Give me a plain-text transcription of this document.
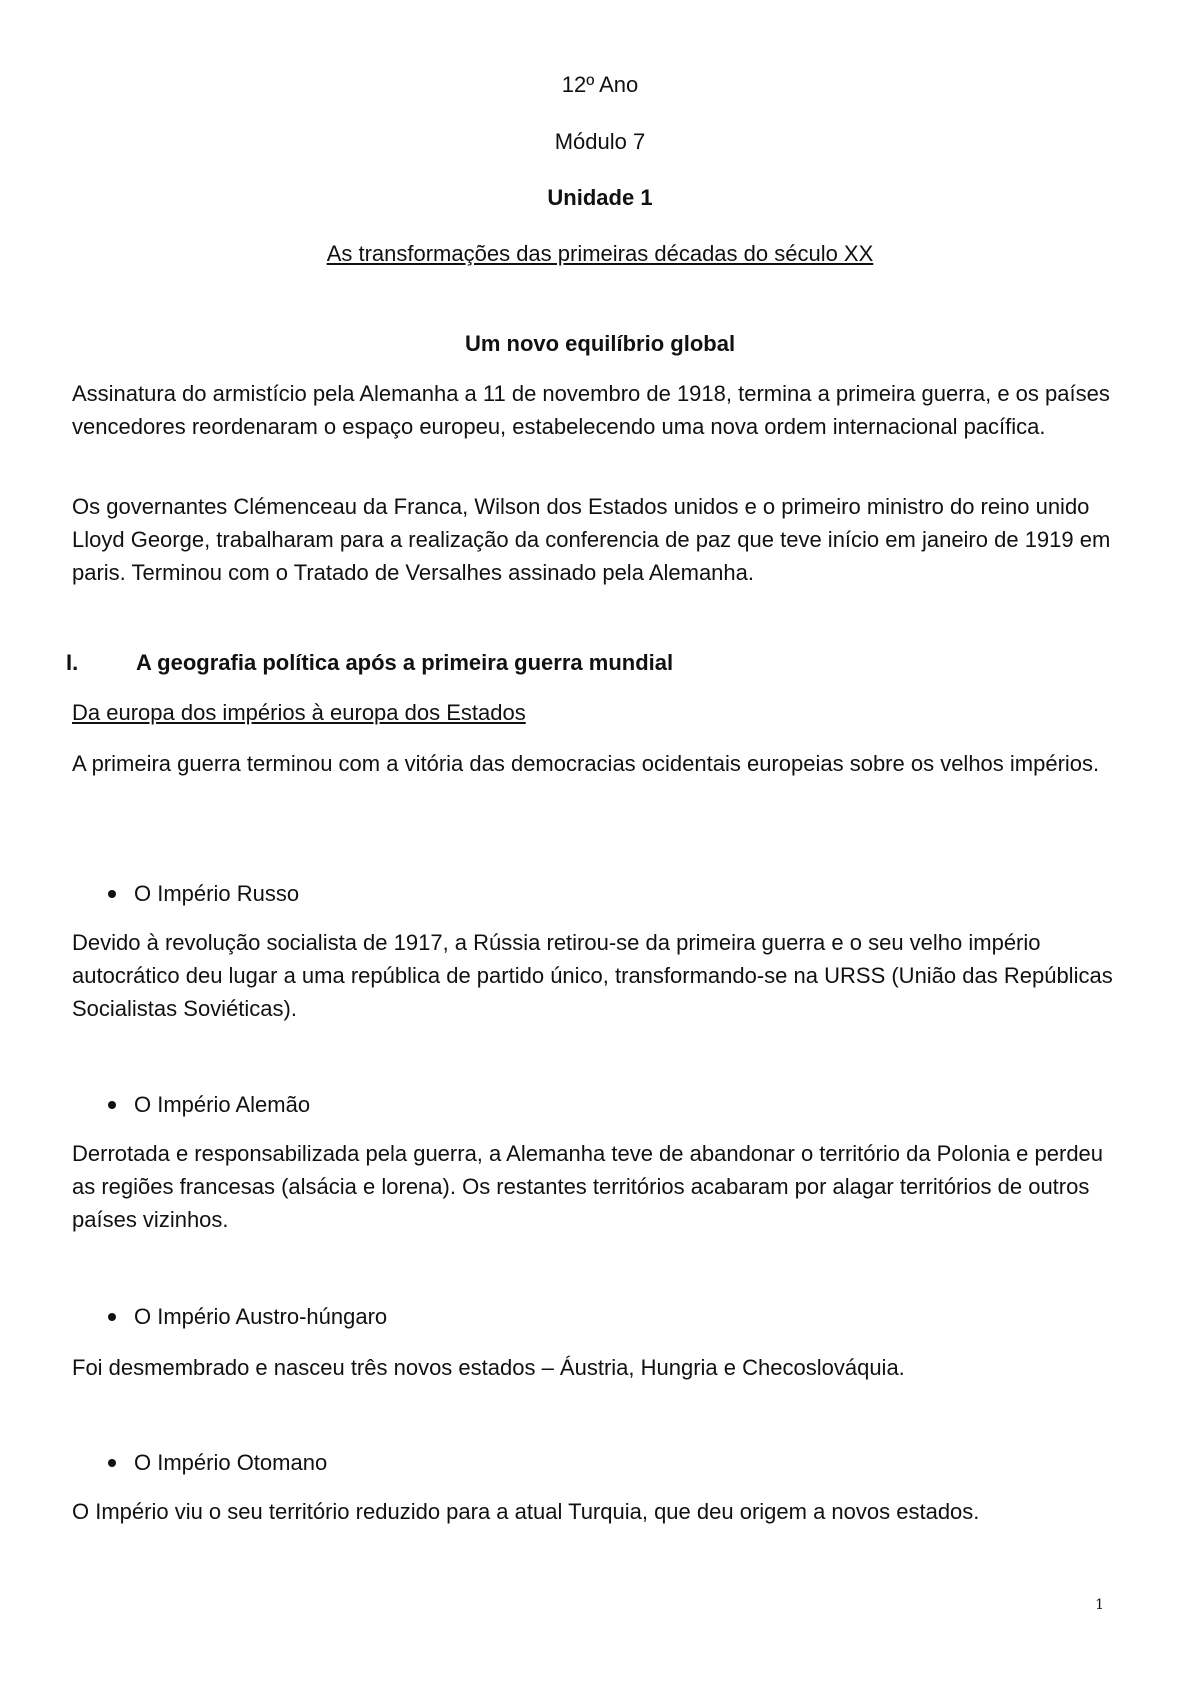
12º Ano

Módulo 7

Unidade 1

As transformações das primeiras décadas do século XX

Um novo equilíbrio global

Assinatura do armistício pela Alemanha a 11 de novembro de 1918, termina a primeira guerra, e os países vencedores reordenaram o espaço europeu, estabelecendo uma nova ordem internacional pacífica.

Os governantes Clémenceau da Franca, Wilson dos Estados unidos e o primeiro ministro do reino unido Lloyd George, trabalharam para a realização da conferencia de paz que teve início em janeiro de 1919 em paris. Terminou com o Tratado de Versalhes assinado pela Alemanha.

I.	A geografia política após a primeira guerra mundial

Da europa dos impérios à europa dos Estados

A primeira guerra terminou com a vitória das democracias ocidentais europeias sobre os velhos impérios.

O Império Russo

Devido à revolução socialista de 1917, a Rússia retirou-se da primeira guerra e o seu velho império autocrático deu lugar a uma república de partido único, transformando-se na URSS (União das Repúblicas Socialistas Soviéticas).

O Império Alemão

Derrotada e responsabilizada pela guerra, a Alemanha teve de abandonar o território da Polonia e perdeu as regiões francesas (alsácia e lorena). Os restantes territórios acabaram por alagar territórios de outros países vizinhos.

O Império Austro-húngaro

Foi desmembrado e nasceu três novos estados – Áustria, Hungria e Checoslováquia.

O Império Otomano

O Império viu o seu território reduzido para a atual Turquia, que deu origem a novos estados.

1
